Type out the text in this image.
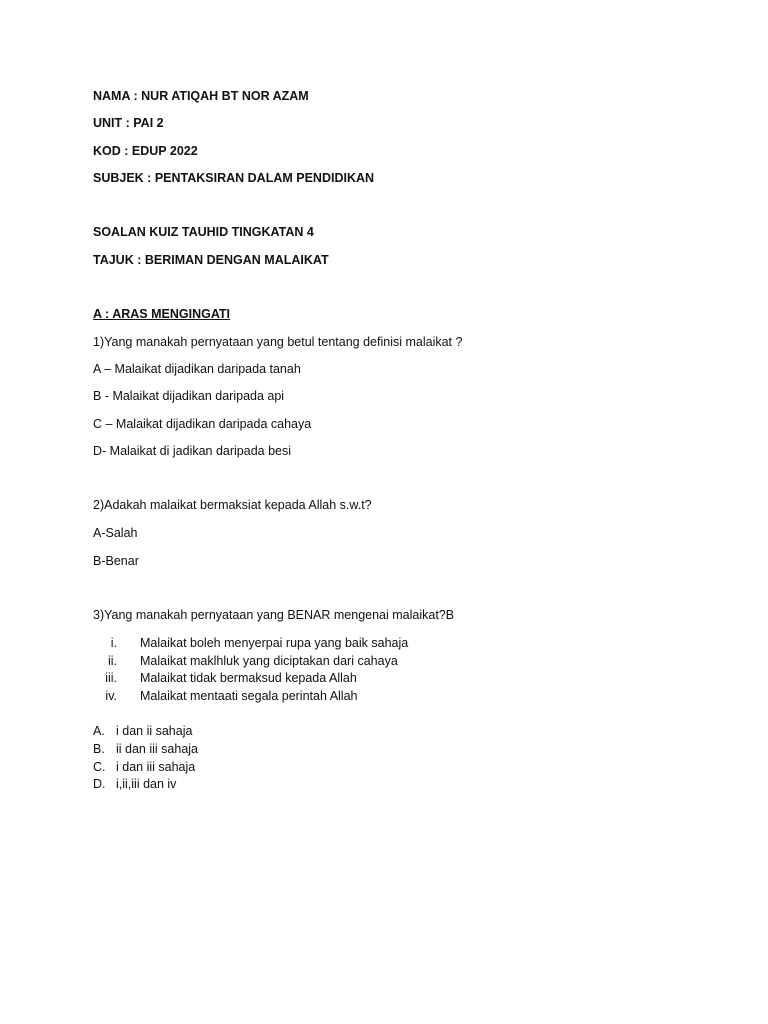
NAMA : NUR ATIQAH BT NOR AZAM
UNIT : PAI 2
KOD : EDUP 2022
SUBJEK : PENTAKSIRAN DALAM PENDIDIKAN
SOALAN KUIZ TAUHID TINGKATAN 4
TAJUK : BERIMAN DENGAN MALAIKAT
A : ARAS MENGINGATI
1)Yang manakah pernyataan yang betul tentang definisi malaikat ?
A – Malaikat dijadikan daripada tanah
B - Malaikat dijadikan daripada api
C – Malaikat dijadikan daripada cahaya
D- Malaikat di jadikan daripada besi
2)Adakah malaikat bermaksiat kepada Allah s.w.t?
A-Salah
B-Benar
3)Yang manakah pernyataan yang BENAR mengenai malaikat?B
i. Malaikat boleh menyerpai rupa yang baik sahaja
ii. Malaikat maklhluk yang diciptakan dari cahaya
iii. Malaikat tidak bermaksud kepada Allah
iv. Malaikat mentaati segala perintah Allah
A. i dan ii sahaja
B. ii dan iii sahaja
C. i dan iii sahaja
D. i,ii,iii dan iv
